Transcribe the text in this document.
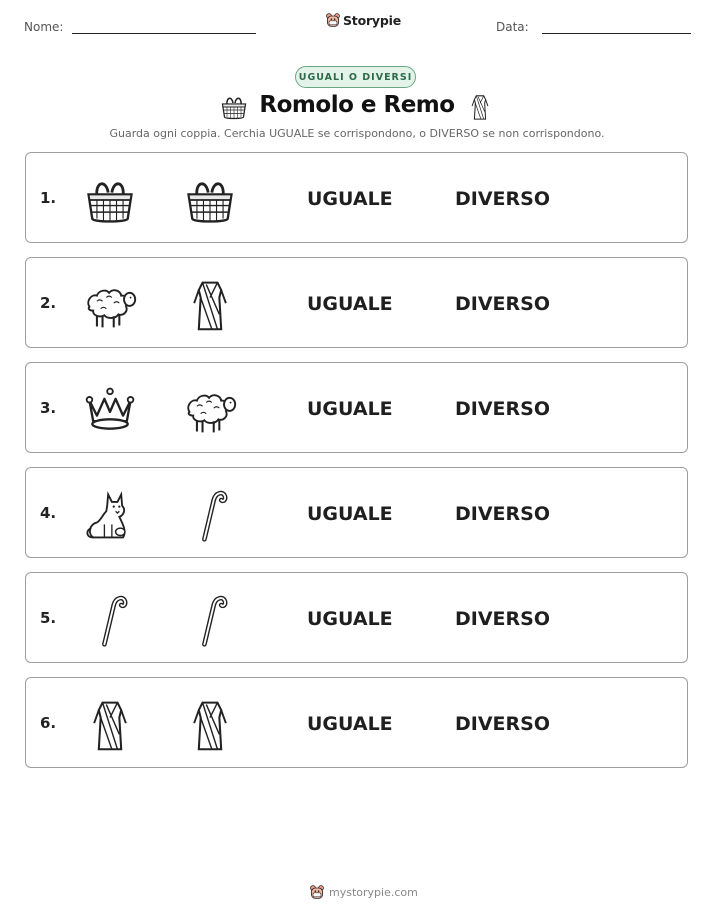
Nome:	Storypie	Data:
UGUALI O DIVERSI
Romolo e Remo
Guarda ogni coppia. Cerchia UGUALE se corrispondono, o DIVERSO se non corrispondono.
1.	UGUALE	DIVERSO
2.	UGUALE	DIVERSO
3.	UGUALE	DIVERSO
4.	UGUALE	DIVERSO
5.	UGUALE	DIVERSO
6.	UGUALE	DIVERSO
mystorypie.com
